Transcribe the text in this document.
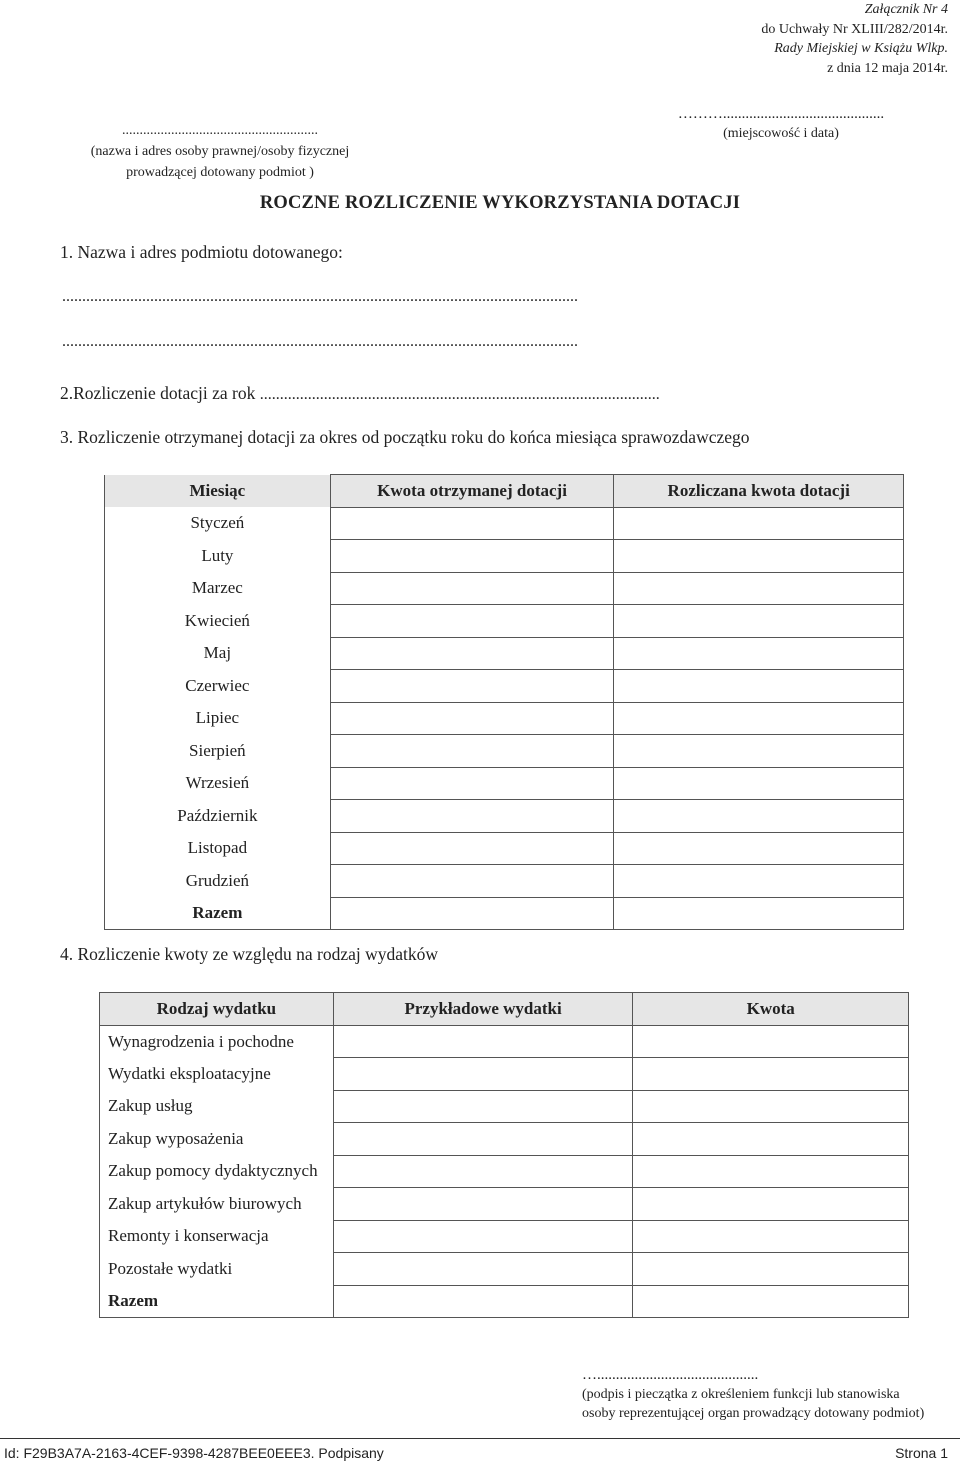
Załącznik Nr 4
do Uchwały Nr XLIII/282/2014r.
Rady Miejskiej w Książu Wlkp.
z dnia 12 maja 2014r.
........................................................
(nazwa i adres osoby prawnej/osoby fizycznej
prowadzącej dotowany podmiot )
………...........................................
(miejscowość i data)
ROCZNE ROZLICZENIE WYKORZYSTANIA DOTACJI
1. Nazwa i adres podmiotu dotowanego:
.................................................................................................................................
.................................................................................................................................
2.Rozliczenie dotacji za rok ....................................................................................................
3. Rozliczenie otrzymanej dotacji za okres od początku roku do końca miesiąca sprawozdawczego
Miesiąc	Kwota otrzymanej dotacji	Rozliczana kwota dotacji
Styczeń		
Luty		
Marzec		
Kwiecień		
Maj		
Czerwiec		
Lipiec		
Sierpień		
Wrzesień		
Październik		
Listopad		
Grudzień		
Razem		
4. Rozliczenie kwoty ze względu na rodzaj wydatków
Rodzaj wydatku	Przykładowe wydatki	Kwota
Wynagrodzenia i pochodne		
Wydatki eksploatacyjne		
Zakup usług		
Zakup wyposażenia		
Zakup pomocy dydaktycznych		
Zakup artykułów biurowych		
Remonty i konserwacja		
Pozostałe wydatki		
Razem		
…...........................................
(podpis i pieczątka z określeniem funkcji lub stanowiska
osoby reprezentującej organ prowadzący dotowany podmiot)
Id: F29B3A7A-2163-4CEF-9398-4287BEE0EEE3. Podpisany	Strona 1
